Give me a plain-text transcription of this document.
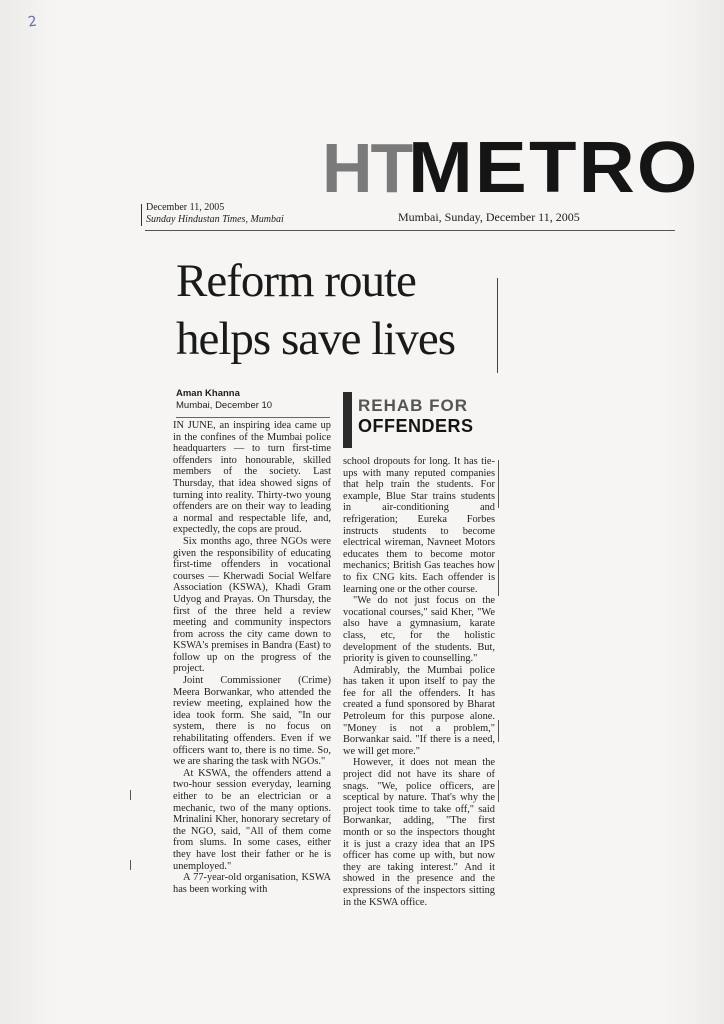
2
HT
METRO
December 11, 2005
Sunday Hindustan Times, Mumbai	Mumbai, Sunday, December 11, 2005
Reform route helps save lives
Aman Khanna
Mumbai, December 10	REHAB FOR
OFFENDERS

IN JUNE, an inspiring idea came up in the confines of the Mumbai police headquarters — to turn first-time offenders into honourable, skilled members of the society. Last Thursday, that idea showed signs of turning into reality. Thirty-two young offenders are on their way to leading a normal and respectable life, and, expectedly, the cops are proud.

Six months ago, three NGOs were given the responsibility of educating first-time offenders in vocational courses — Kherwadi Social Welfare Association (KSWA), Khadi Gram Udyog and Prayas. On Thursday, the first of the three held a review meeting and community inspectors from across the city came down to KSWA's premises in Bandra (East) to follow up on the progress of the project.

Joint Commissioner (Crime) Meera Borwankar, who attended the review meeting, explained how the idea took form. She said, "In our system, there is no focus on rehabilitating offenders. Even if we officers want to, there is no time. So, we are sharing the task with NGOs."

At KSWA, the offenders attend a two-hour session everyday, learning either to be an electrician or a mechanic, two of the many options. Mrinalini Kher, honorary secretary of the NGO, said, "All of them come from slums. In some cases, either they have lost their father or he is unemployed."

A 77-year-old organisation, KSWA has been working with

school dropouts for long. It has tie-ups with many reputed companies that help train the students. For example, Blue Star trains students in air-conditioning and refrigeration; Eureka Forbes instructs students to become electrical wireman, Navneet Motors educates them to become motor mechanics; British Gas teaches how to fix CNG kits. Each offender is learning one or the other course.

"We do not just focus on the vocational courses," said Kher, "We also have a gymnasium, karate class, etc, for the holistic development of the students. But, priority is given to counselling."

Admirably, the Mumbai police has taken it upon itself to pay the fee for all the offenders. It has created a fund sponsored by Bharat Petroleum for this purpose alone. "Money is not a problem," Borwankar said. "If there is a need, we will get more."

However, it does not mean the project did not have its share of snags. "We, police officers, are sceptical by nature. That's why the project took time to take off," said Borwankar, adding, "The first month or so the inspectors thought it is just a crazy idea that an IPS officer has come up with, but now they are taking interest." And it showed in the presence and the expressions of the inspectors sitting in the KSWA office.
